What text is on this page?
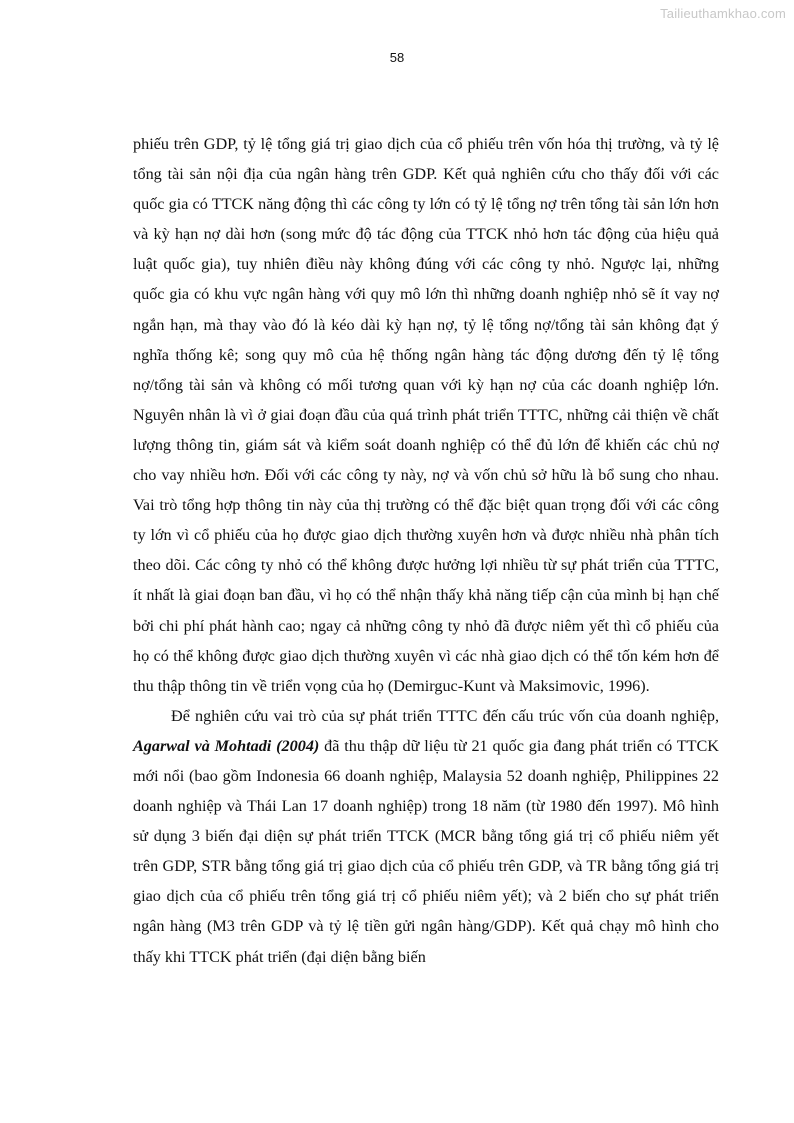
Tailieuthamkhao.com
58

phiếu trên GDP, tỷ lệ tổng giá trị giao dịch của cổ phiếu trên vốn hóa thị trường, và tỷ lệ tổng tài sản nội địa của ngân hàng trên GDP. Kết quả nghiên cứu cho thấy đối với các quốc gia có TTCK năng động thì các công ty lớn có tỷ lệ tổng nợ trên tổng tài sản lớn hơn và kỳ hạn nợ dài hơn (song mức độ tác động của TTCK nhỏ hơn tác động của hiệu quả luật quốc gia), tuy nhiên điều này không đúng với các công ty nhỏ. Ngược lại, những quốc gia có khu vực ngân hàng với quy mô lớn thì những doanh nghiệp nhỏ sẽ ít vay nợ ngắn hạn, mà thay vào đó là kéo dài kỳ hạn nợ, tỷ lệ tổng nợ/tổng tài sản không đạt ý nghĩa thống kê; song quy mô của hệ thống ngân hàng tác động dương đến tỷ lệ tổng nợ/tổng tài sản và không có mối tương quan với kỳ hạn nợ của các doanh nghiệp lớn. Nguyên nhân là vì ở giai đoạn đầu của quá trình phát triển TTTC, những cải thiện về chất lượng thông tin, giám sát và kiểm soát doanh nghiệp có thể đủ lớn để khiến các chủ nợ cho vay nhiều hơn. Đối với các công ty này, nợ và vốn chủ sở hữu là bổ sung cho nhau. Vai trò tổng hợp thông tin này của thị trường có thể đặc biệt quan trọng đối với các công ty lớn vì cổ phiếu của họ được giao dịch thường xuyên hơn và được nhiều nhà phân tích theo dõi. Các công ty nhỏ có thể không được hưởng lợi nhiều từ sự phát triển của TTTC, ít nhất là giai đoạn ban đầu, vì họ có thể nhận thấy khả năng tiếp cận của mình bị hạn chế bởi chi phí phát hành cao; ngay cả những công ty nhỏ đã được niêm yết thì cổ phiếu của họ có thể không được giao dịch thường xuyên vì các nhà giao dịch có thể tốn kém hơn để thu thập thông tin về triển vọng của họ (Demirguc-Kunt và Maksimovic, 1996).

Để nghiên cứu vai trò của sự phát triển TTTC đến cấu trúc vốn của doanh nghiệp, Agarwal và Mohtadi (2004) đã thu thập dữ liệu từ 21 quốc gia đang phát triển có TTCK mới nổi (bao gồm Indonesia 66 doanh nghiệp, Malaysia 52 doanh nghiệp, Philippines 22 doanh nghiệp và Thái Lan 17 doanh nghiệp) trong 18 năm (từ 1980 đến 1997). Mô hình sử dụng 3 biến đại diện sự phát triển TTCK (MCR bằng tổng giá trị cổ phiếu niêm yết trên GDP, STR bằng tổng giá trị giao dịch của cổ phiếu trên GDP, và TR bằng tổng giá trị giao dịch của cổ phiếu trên tổng giá trị cổ phiếu niêm yết); và 2 biến cho sự phát triển ngân hàng (M3 trên GDP và tỷ lệ tiền gửi ngân hàng/GDP). Kết quả chạy mô hình cho thấy khi TTCK phát triển (đại diện bằng biến
